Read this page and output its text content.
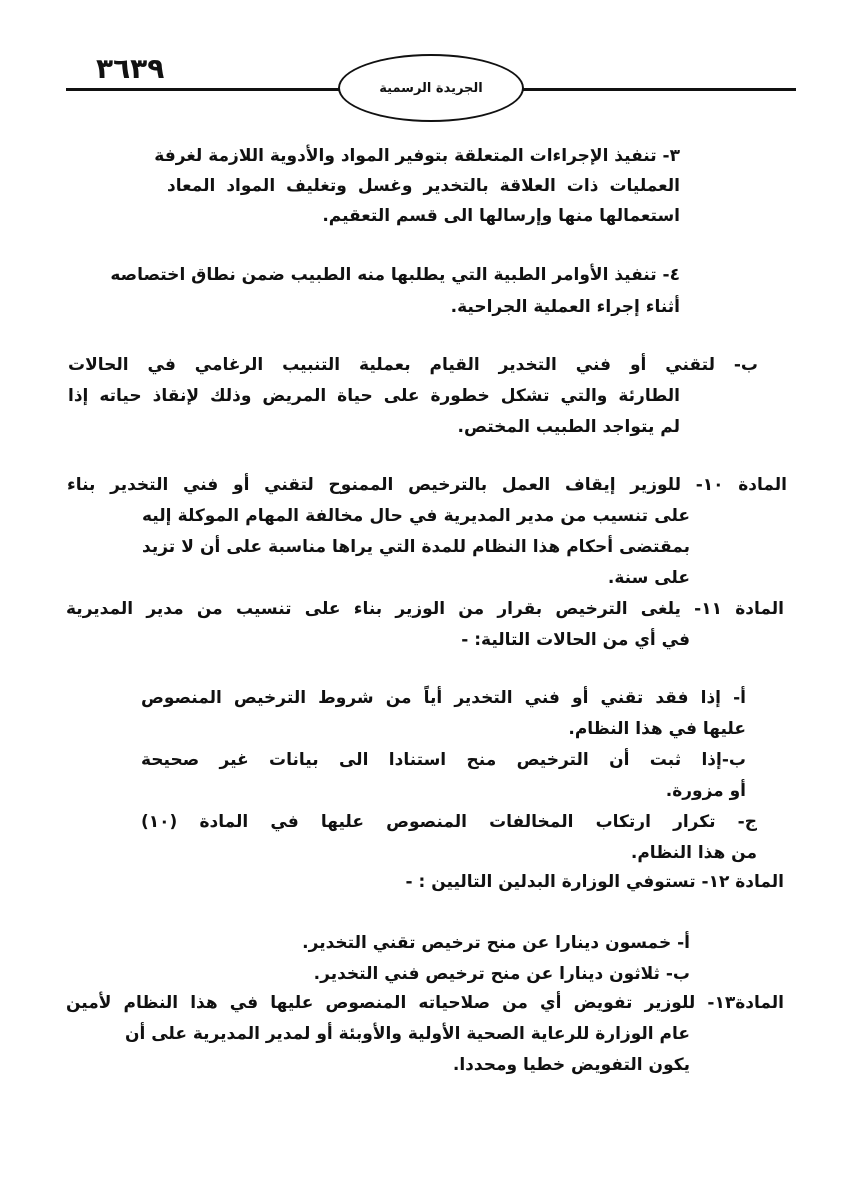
٣٦٣٩
الجريدة الرسمية
٣- تنفيذ الإجراءات المتعلقة بتوفير المواد والأدوية اللازمة لغرفة
العمليات ذات العلاقة بالتخدير وغسل وتغليف المواد المعاد
استعمالها منها وإرسالها الى قسم التعقيم.
٤- تنفيذ الأوامر الطبية التي يطلبها منه الطبيب ضمن نطاق اختصاصه
أثناء إجراء العملية الجراحية.
ب- لتقني أو فني التخدير القيام بعملية التنبيب الرغامي في الحالات
الطارئة والتي تشكل خطورة على حياة المريض وذلك لإنقاذ حياته إذا
لم يتواجد الطبيب المختص.
المادة ١٠- للوزير إيقاف العمل بالترخيص الممنوح لتقني أو فني التخدير بناء
على تنسيب من مدير المديرية في حال مخالفة المهام الموكلة إليه
بمقتضى أحكام هذا النظام للمدة التي يراها مناسبة على أن لا تزيد
على سنة.
المادة ١١- يلغى الترخيص بقرار من الوزير بناء على تنسيب من مدير المديرية
في أي من الحالات التالية: -
أ- إذا فقد تقني أو فني التخدير أياً من شروط الترخيص المنصوص
عليها في هذا النظام.
ب-إذا ثبت أن الترخيص منح استنادا الى بيانات غير صحيحة
أو مزورة.
ج- تكرار ارتكاب المخالفات المنصوص عليها في المادة (١٠)
من هذا النظام.
المادة ١٢- تستوفي الوزارة البدلين التاليين : -
أ- خمسون دينارا عن منح ترخيص تقني التخدير.
ب- ثلاثون دينارا عن منح ترخيص فني التخدير.
المادة١٣- للوزير تفويض أي من صلاحياته المنصوص عليها في هذا النظام لأمين
عام الوزارة للرعاية الصحية الأولية والأوبئة أو لمدير المديرية على أن
يكون التفويض خطيا ومحددا.
